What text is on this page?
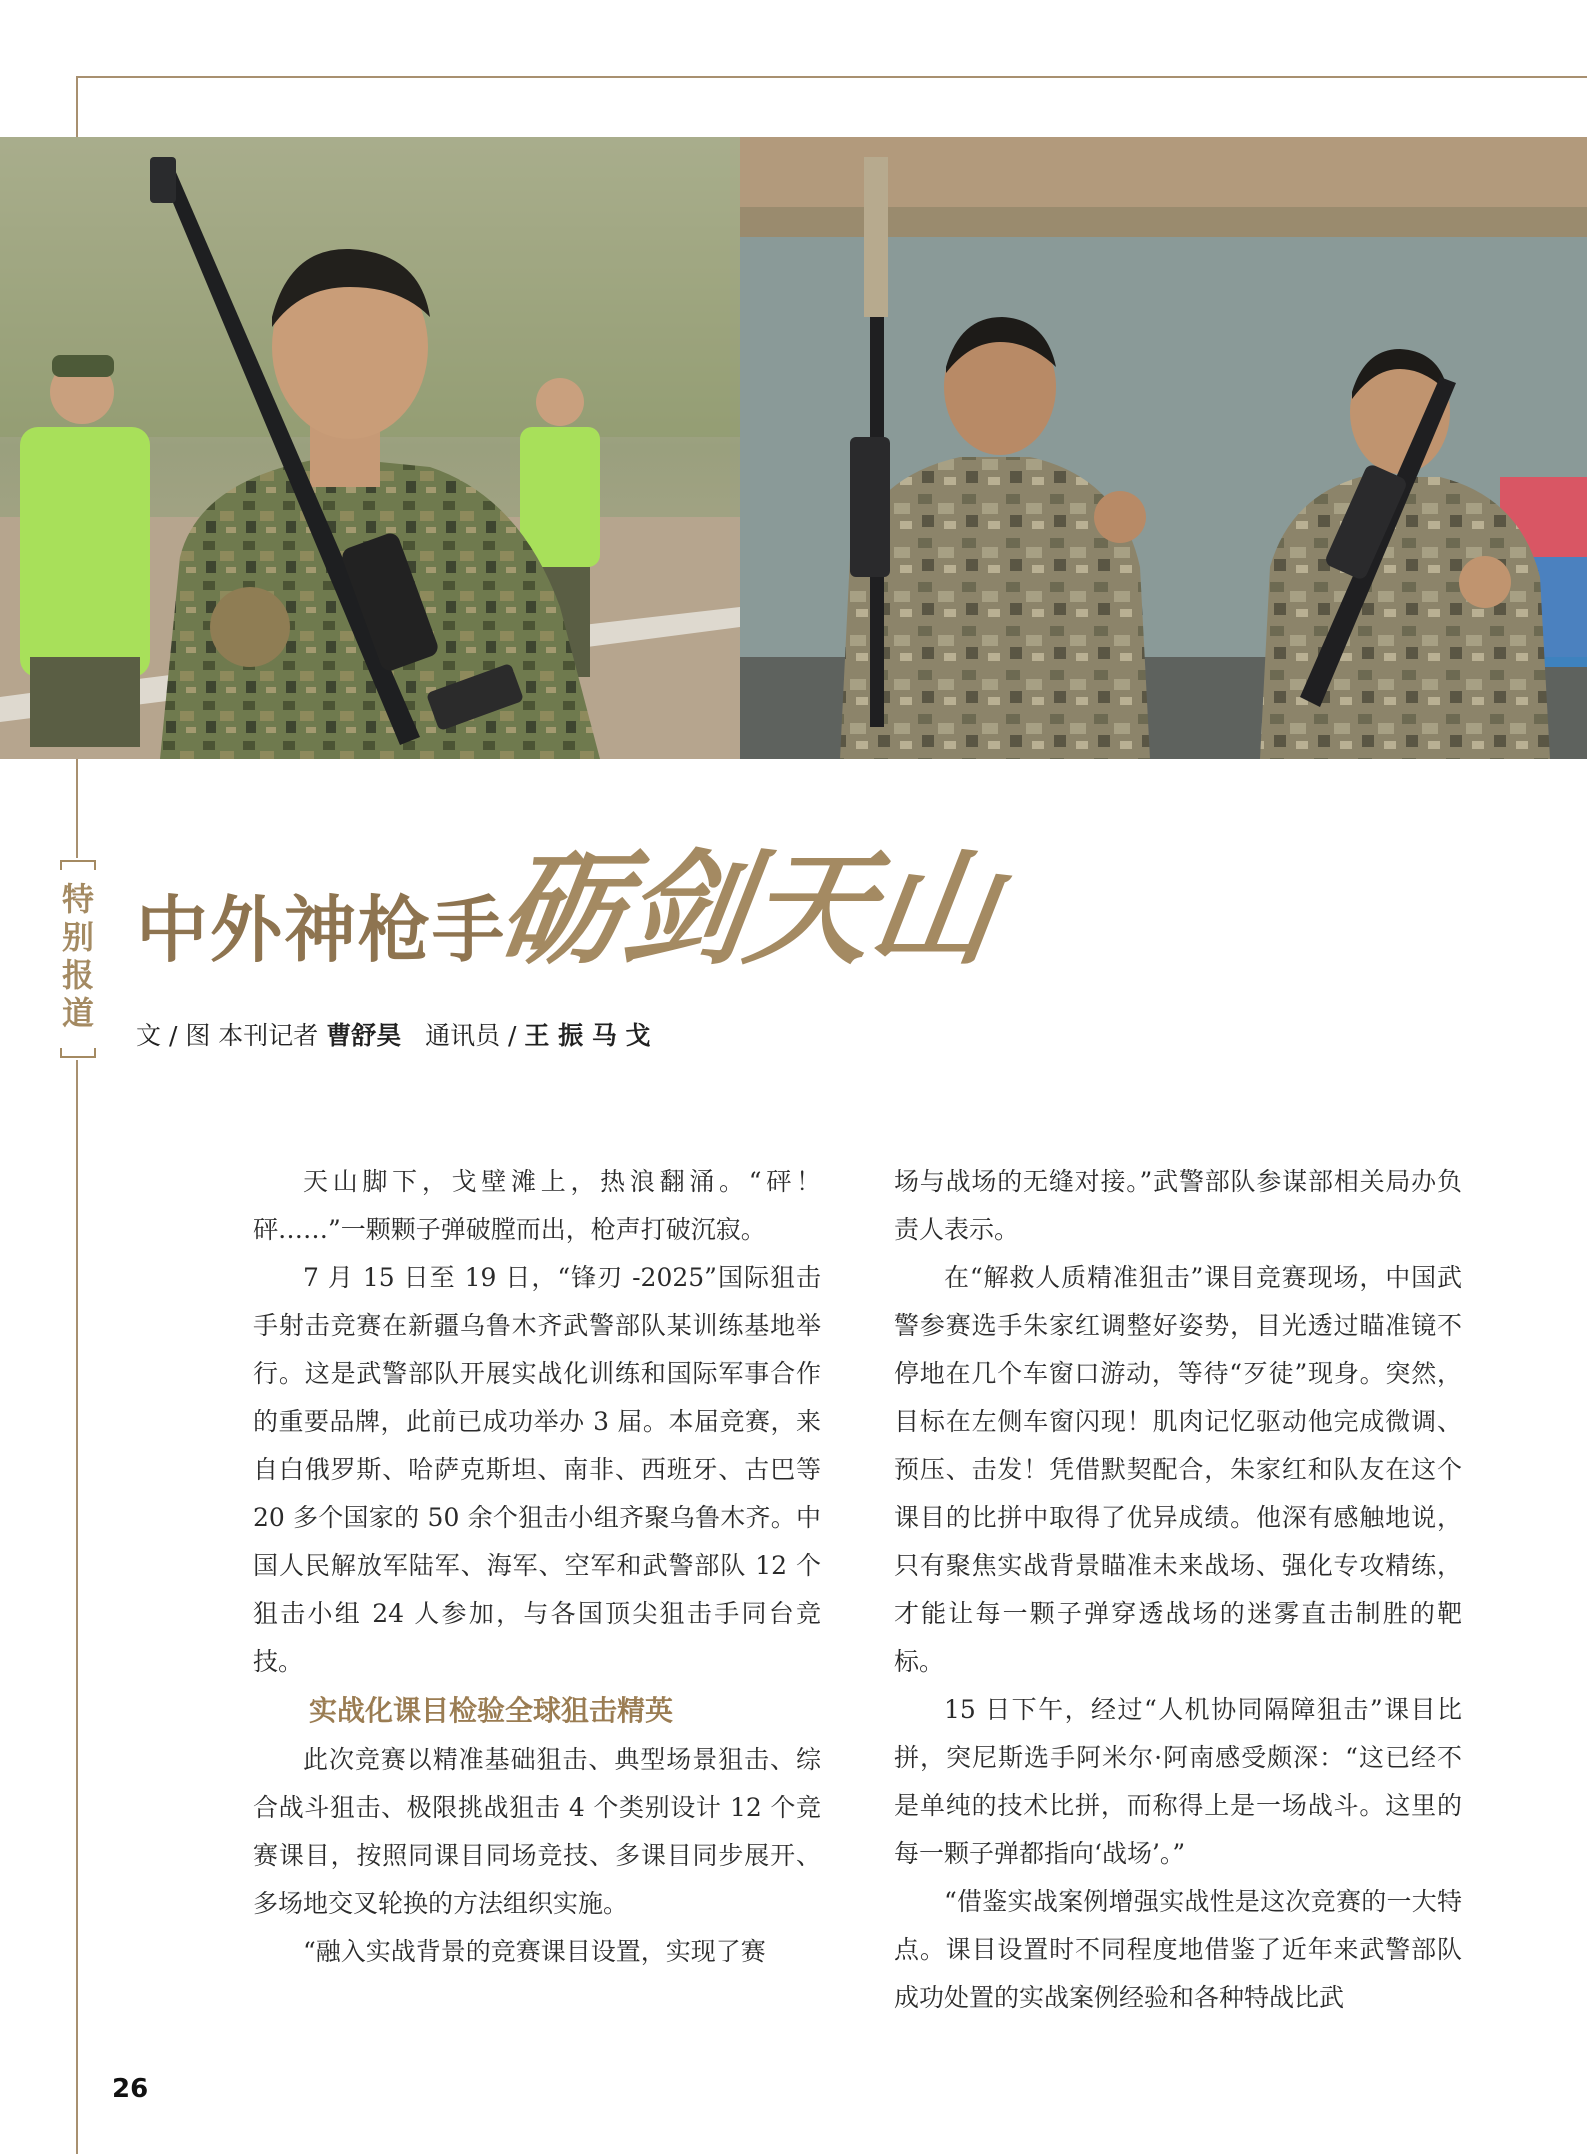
特别报道
中外神枪手
砺剑天山
文 / 图 本刊记者 曹舒昊 通讯员 / 王 振 马 戈

天山脚下，戈壁滩上，热浪翻涌。“砰！砰……”一颗颗子弹破膛而出，枪声打破沉寂。

7 月 15 日至 19 日，“锋刃 -2025”国际狙击手射击竞赛在新疆乌鲁木齐武警部队某训练基地举行。这是武警部队开展实战化训练和国际军事合作的重要品牌，此前已成功举办 3 届。本届竞赛，来自白俄罗斯、哈萨克斯坦、南非、西班牙、古巴等 20 多个国家的 50 余个狙击小组齐聚乌鲁木齐。中国人民解放军陆军、海军、空军和武警部队 12 个狙击小组 24 人参加，与各国顶尖狙击手同台竞技。

实战化课目检验全球狙击精英

此次竞赛以精准基础狙击、典型场景狙击、综合战斗狙击、极限挑战狙击 4 个类别设计 12 个竞赛课目，按照同课目同场竞技、多课目同步展开、多场地交叉轮换的方法组织实施。

“融入实战背景的竞赛课目设置，实现了赛

场与战场的无缝对接。”武警部队参谋部相关局办负责人表示。

在“解救人质精准狙击”课目竞赛现场，中国武警参赛选手朱家红调整好姿势，目光透过瞄准镜不停地在几个车窗口游动，等待“歹徒”现身。突然，目标在左侧车窗闪现！肌肉记忆驱动他完成微调、预压、击发！凭借默契配合，朱家红和队友在这个课目的比拼中取得了优异成绩。他深有感触地说，只有聚焦实战背景瞄准未来战场、强化专攻精练，才能让每一颗子弹穿透战场的迷雾直击制胜的靶标。

15 日下午，经过“人机协同隔障狙击”课目比拼，突尼斯选手阿米尔·阿南感受颇深：“这已经不是单纯的技术比拼，而称得上是一场战斗。这里的每一颗子弹都指向‘战场’。”

“借鉴实战案例增强实战性是这次竞赛的一大特点。课目设置时不同程度地借鉴了近年来武警部队成功处置的实战案例经验和各种特战比武

26
